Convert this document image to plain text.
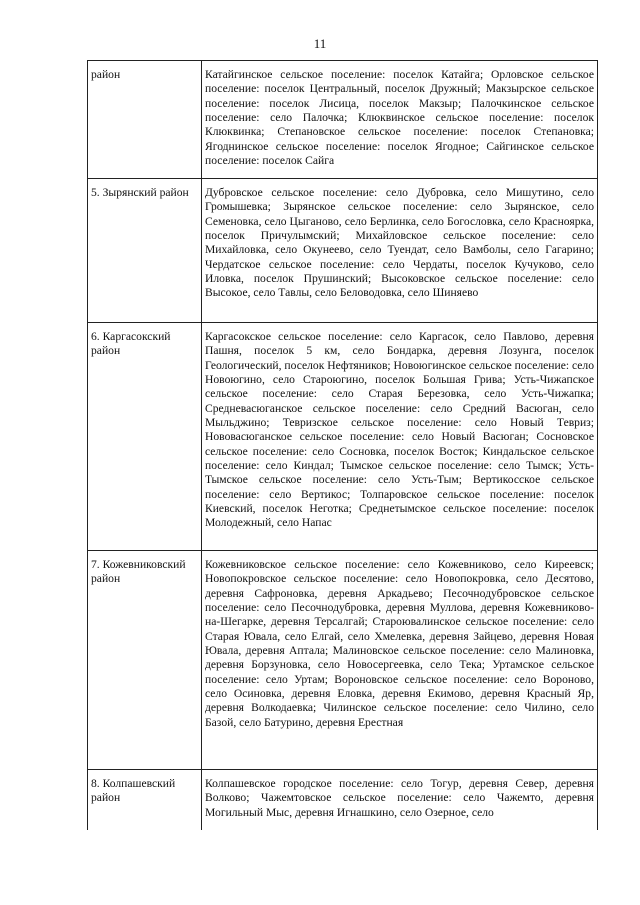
11
район	Катайгинское сельское поселение: поселок Катайга; Орловское сельское поселение: поселок Центральный, поселок Дружный; Макзырское сельское поселение: поселок Лисица, поселок Макзыр; Палочкинское сельское поселение: село Палочка; Клюквинское сельское поселение: поселок Клюквинка; Степановское сельское поселение: поселок Степановка; Ягоднинское сельское поселение: поселок Ягодное; Сайгинское сельское поселение: поселок Сайга
5. Зырянский район	Дубровское сельское поселение: село Дубровка, село Мишутино, село Громышевка; Зырянское сельское поселение: село Зырянское, село Семеновка, село Цыганово, село Берлинка, село Богословка, село Красноярка, поселок Причулымский; Михайловское сельское поселение: село Михайловка, село Окунеево, село Туендат, село Вамболы, село Гагарино; Чердатское сельское поселение: село Чердаты, поселок Кучуково, село Иловка, поселок Прушинский; Высоковское сельское поселение: село Высокое, село Тавлы, село Беловодовка, село Шиняево
6. Каргасокский район	Каргасокское сельское поселение: село Каргасок, село Павлово, деревня Пашня, поселок 5 км, село Бондарка, деревня Лозунга, поселок Геологический, поселок Нефтяников; Новоюгинское сельское поселение: село Новоюгино, село Староюгино, поселок Большая Грива; Усть-Чижапское сельское поселение: село Старая Березовка, село Усть-Чижапка; Средневасюганское сельское поселение: село Средний Васюган, село Мыльджино; Тевризское сельское поселение: село Новый Тевриз; Нововасюганское сельское поселение: село Новый Васюган; Сосновское сельское поселение: село Сосновка, поселок Восток; Киндальское сельское поселение: село Киндал; Тымское сельское поселение: село Тымск; Усть-Тымское сельское поселение: село Усть-Тым; Вертикосское сельское поселение: село Вертикос; Толпаровское сельское поселение: поселок Киевский, поселок Неготка; Среднетымское сельское поселение: поселок Молодежный, село Напас
7. Кожевниковский район	Кожевниковское сельское поселение: село Кожевниково, село Киреевск; Новопокровское сельское поселение: село Новопокровка, село Десятово, деревня Сафроновка, деревня Аркадьево; Песочнодубровское сельское поселение: село Песочнодубровка, деревня Муллова, деревня Кожевниково-на-Шегарке, деревня Терсалгай; Староювалинское сельское поселение: село Старая Ювала, село Елгай, село Хмелевка, деревня Зайцево, деревня Новая Ювала, деревня Аптала; Малиновское сельское поселение: село Малиновка, деревня Борзуновка, село Новосергеевка, село Тека; Уртамское сельское поселение: село Уртам; Вороновское сельское поселение: село Вороново, село Осиновка, деревня Еловка, деревня Екимово, деревня Красный Яр, деревня Волкодаевка; Чилинское сельское поселение: село Чилино, село Базой, село Батурино, деревня Ерестная
8. Колпашевский район	Колпашевское городское поселение: село Тогур, деревня Север, деревня Волково; Чажемтовское сельское поселение: село Чажемто, деревня Могильный Мыс, деревня Игнашкино, село Озерное, село
